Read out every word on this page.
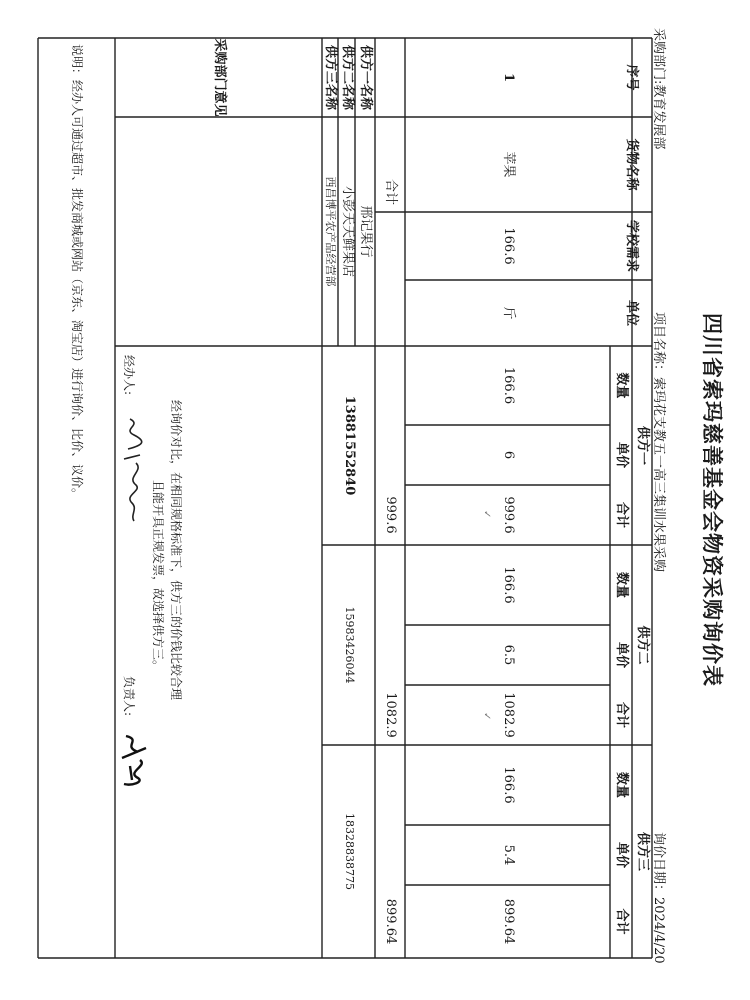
四川省索玛慈善基金会物资采购询价表
采购部门:教育发展部
项目名称：索玛花支教五一高三集训水果采购
询价日期：2024/4/20
序号
货物名称
学校需求
单位
供方一
供方二
供方三
数量
单价
合计
数量
单价
合计
数量
单价
合计
1
苹果
166.6
斤
166.6
6
999.6
166.6
6.5
1082.9
166.6
5.4
899.64
✓
✓
合计
999.6
1082.9
899.64
供方一名称
邢记果行
供方二名称
小彭天天鲜果店
供方三名称
西昌博平农产品经营部
13881552840
15983426044
18328838775
采购部门意见
经询价对比，在相同规格标准下，供方三的价钱比较合理
且能开具正规发票，故选择供方三。
经办人:
负责人:
说明：经办人可通过超市、批发商城或网站（京东、淘宝店）进行询价、比价、议价。
